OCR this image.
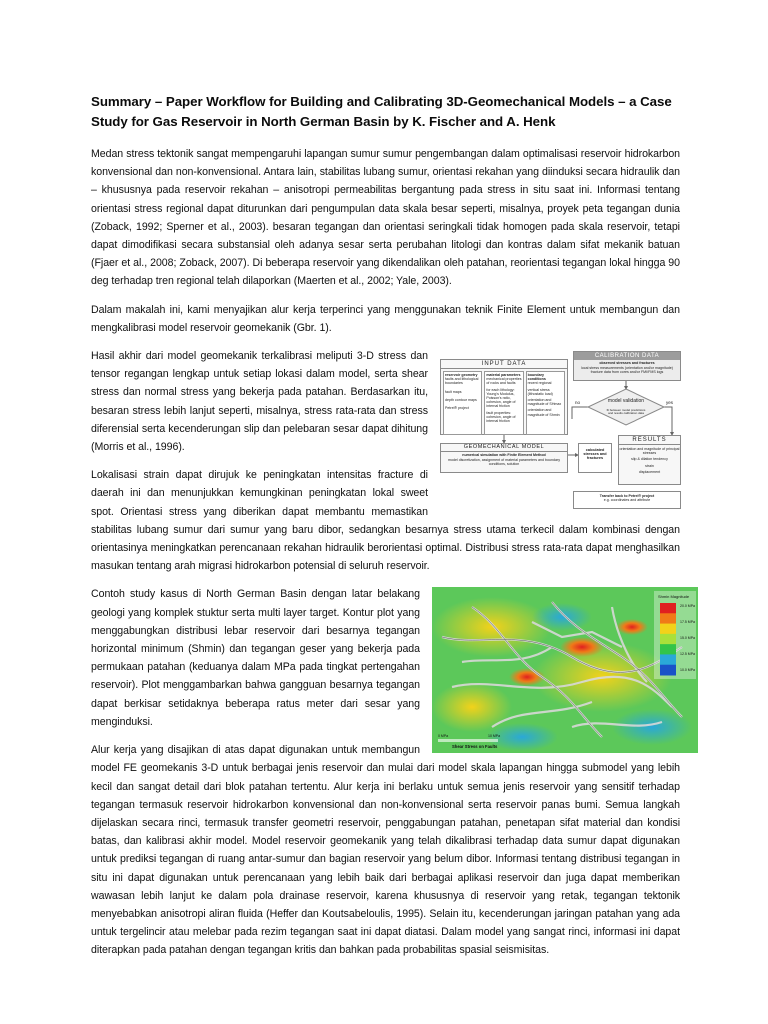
Summary – Paper Workflow for Building and Calibrating 3D-Geomechanical Models – a Case Study for Gas Reservoir in North German Basin by K. Fischer and A. Henk

Medan stress tektonik sangat mempengaruhi lapangan sumur sumur pengembangan dalam optimalisasi reservoir hidrokarbon konvensional dan non-konvensional. Antara lain, stabilitas lubang sumur, orientasi rekahan yang diinduksi secara hidraulik dan – khususnya pada reservoir rekahan – anisotropi permeabilitas bergantung pada stress in situ saat ini. Informasi tentang orientasi stress regional dapat diturunkan dari pengumpulan data skala besar seperti, misalnya, proyek peta tegangan dunia (Zoback, 1992; Sperner et al., 2003). besaran tegangan dan orientasi seringkali tidak homogen pada skala reservoir, tetapi dapat dimodifikasi secara substansial oleh adanya sesar serta perubahan litologi dan kontras dalam sifat mekanik batuan (Fjaer et al., 2008; Zoback, 2007). Di beberapa reservoir yang dikendalikan oleh patahan, reorientasi tegangan lokal hingga 90 deg terhadap tren regional telah dilaporkan (Maerten et al., 2002; Yale, 2003).

Dalam makalah ini, kami menyajikan alur kerja terperinci yang menggunakan teknik Finite Element untuk membangun dan mengkalibrasi model reservoir geomekanik (Gbr. 1).

CALIBRATION DATA
observed stresses and fractures
local stress measurements (orientation and/or magnitude) fracture data from cores and/or FMI/FMS logs
INPUT DATA
reservoir geometry
faults and lithological boundaries
fault maps
depth contour maps
Petrel® project
material parameters
mechanical properties of rocks and faults
for each lithology: Young's Modulus, Poisson's ratio, cohesion, angle of internal friction
fault properties: cohesion, angle of internal friction
boundary conditions
recent regional
vertical stress (lithostatic load)
orientation and magnitude of SHmax
orientation and magnitude of Shmin
model validation
fit between model predictions and results calibration data
no	yes
GEOMECHANICAL MODEL
numerical simulation with Finite Element Method
model discretization, assignment of material parameters and boundary conditions, solution
calculated stresses and fractures
RESULTS
orientation and magnitude of principal stresses
slip & dilation tendency
strain
displacement
Transfer back to Petrel® project
e.g. coordinates and attribute

Hasil akhir dari model geomekanik terkalibrasi meliputi 3-D stress dan tensor regangan lengkap untuk setiap lokasi dalam model, serta shear stress dan normal stress yang bekerja pada patahan. Berdasarkan itu, besaran stress lebih lanjut seperti, misalnya, stress rata-rata dan stress diferensial serta kecenderungan slip dan pelebaran sesar dapat dihitung (Morris et al., 1996).

Lokalisasi strain dapat dirujuk ke peningkatan intensitas fracture di daerah ini dan menunjukkan kemungkinan peningkatan lokal sweet spot. Orientasi stress yang diberikan dapat membantu memastikan stabilitas lubang sumur dari sumur yang baru dibor, sedangkan besarnya stress utama terkecil dalam kombinasi dengan orientasinya meningkatkan perencanaan rekahan hidraulik berorientasi optimal. Distribusi stress rata-rata dapat menghasilkan masukan tentang arah migrasi hidrokarbon potensial di seluruh reservoir.

Shmin Magnitude
20.0 MPa
17.5 MPa
15.0 MPa
12.5 MPa
10.0 MPa
0 MPa	10 MPa
Shear Stress on Faults

Contoh study kasus di North German Basin dengan latar belakang geologi yang komplek stuktur serta multi layer target. Kontur plot yang menggabungkan distribusi lebar reservoir dari besarnya tegangan horizontal minimum (Shmin) dan tegangan geser yang bekerja pada permukaan patahan (keduanya dalam MPa pada tingkat pertengahan reservoir). Plot menggambarkan bahwa gangguan besarnya tegangan dapat berkisar setidaknya beberapa ratus meter dari sesar yang menginduksi.

Alur kerja yang disajikan di atas dapat digunakan untuk membangun model FE geomekanis 3-D untuk berbagai jenis reservoir dan mulai dari model skala lapangan hingga submodel yang lebih kecil dan sangat detail dari blok patahan tertentu. Alur kerja ini berlaku untuk semua jenis reservoir yang sensitif terhadap tegangan termasuk reservoir hidrokarbon konvensional dan non-konvensional serta reservoir panas bumi. Semua langkah dijelaskan secara rinci, termasuk transfer geometri reservoir, penggabungan patahan, penetapan sifat material dan kondisi batas, dan kalibrasi akhir model. Model reservoir geomekanik yang telah dikalibrasi terhadap data sumur dapat digunakan untuk prediksi tegangan di ruang antar-sumur dan bagian reservoir yang belum dibor. Informasi tentang distribusi tegangan in situ ini dapat digunakan untuk perencanaan yang lebih baik dari berbagai aplikasi reservoir dan juga dapat memberikan wawasan lebih lanjut ke dalam pola drainase reservoir, karena khususnya di reservoir yang retak, tegangan tektonik menyebabkan anisotropi aliran fluida (Heffer dan Koutsabeloulis, 1995). Selain itu, kecenderungan jaringan patahan yang ada untuk tergelincir atau melebar pada rezim tegangan saat ini dapat diatasi. Dalam model yang sangat rinci, informasi ini dapat diterapkan pada patahan dengan tegangan kritis dan bahkan pada probabilitas spasial seismisitas.
